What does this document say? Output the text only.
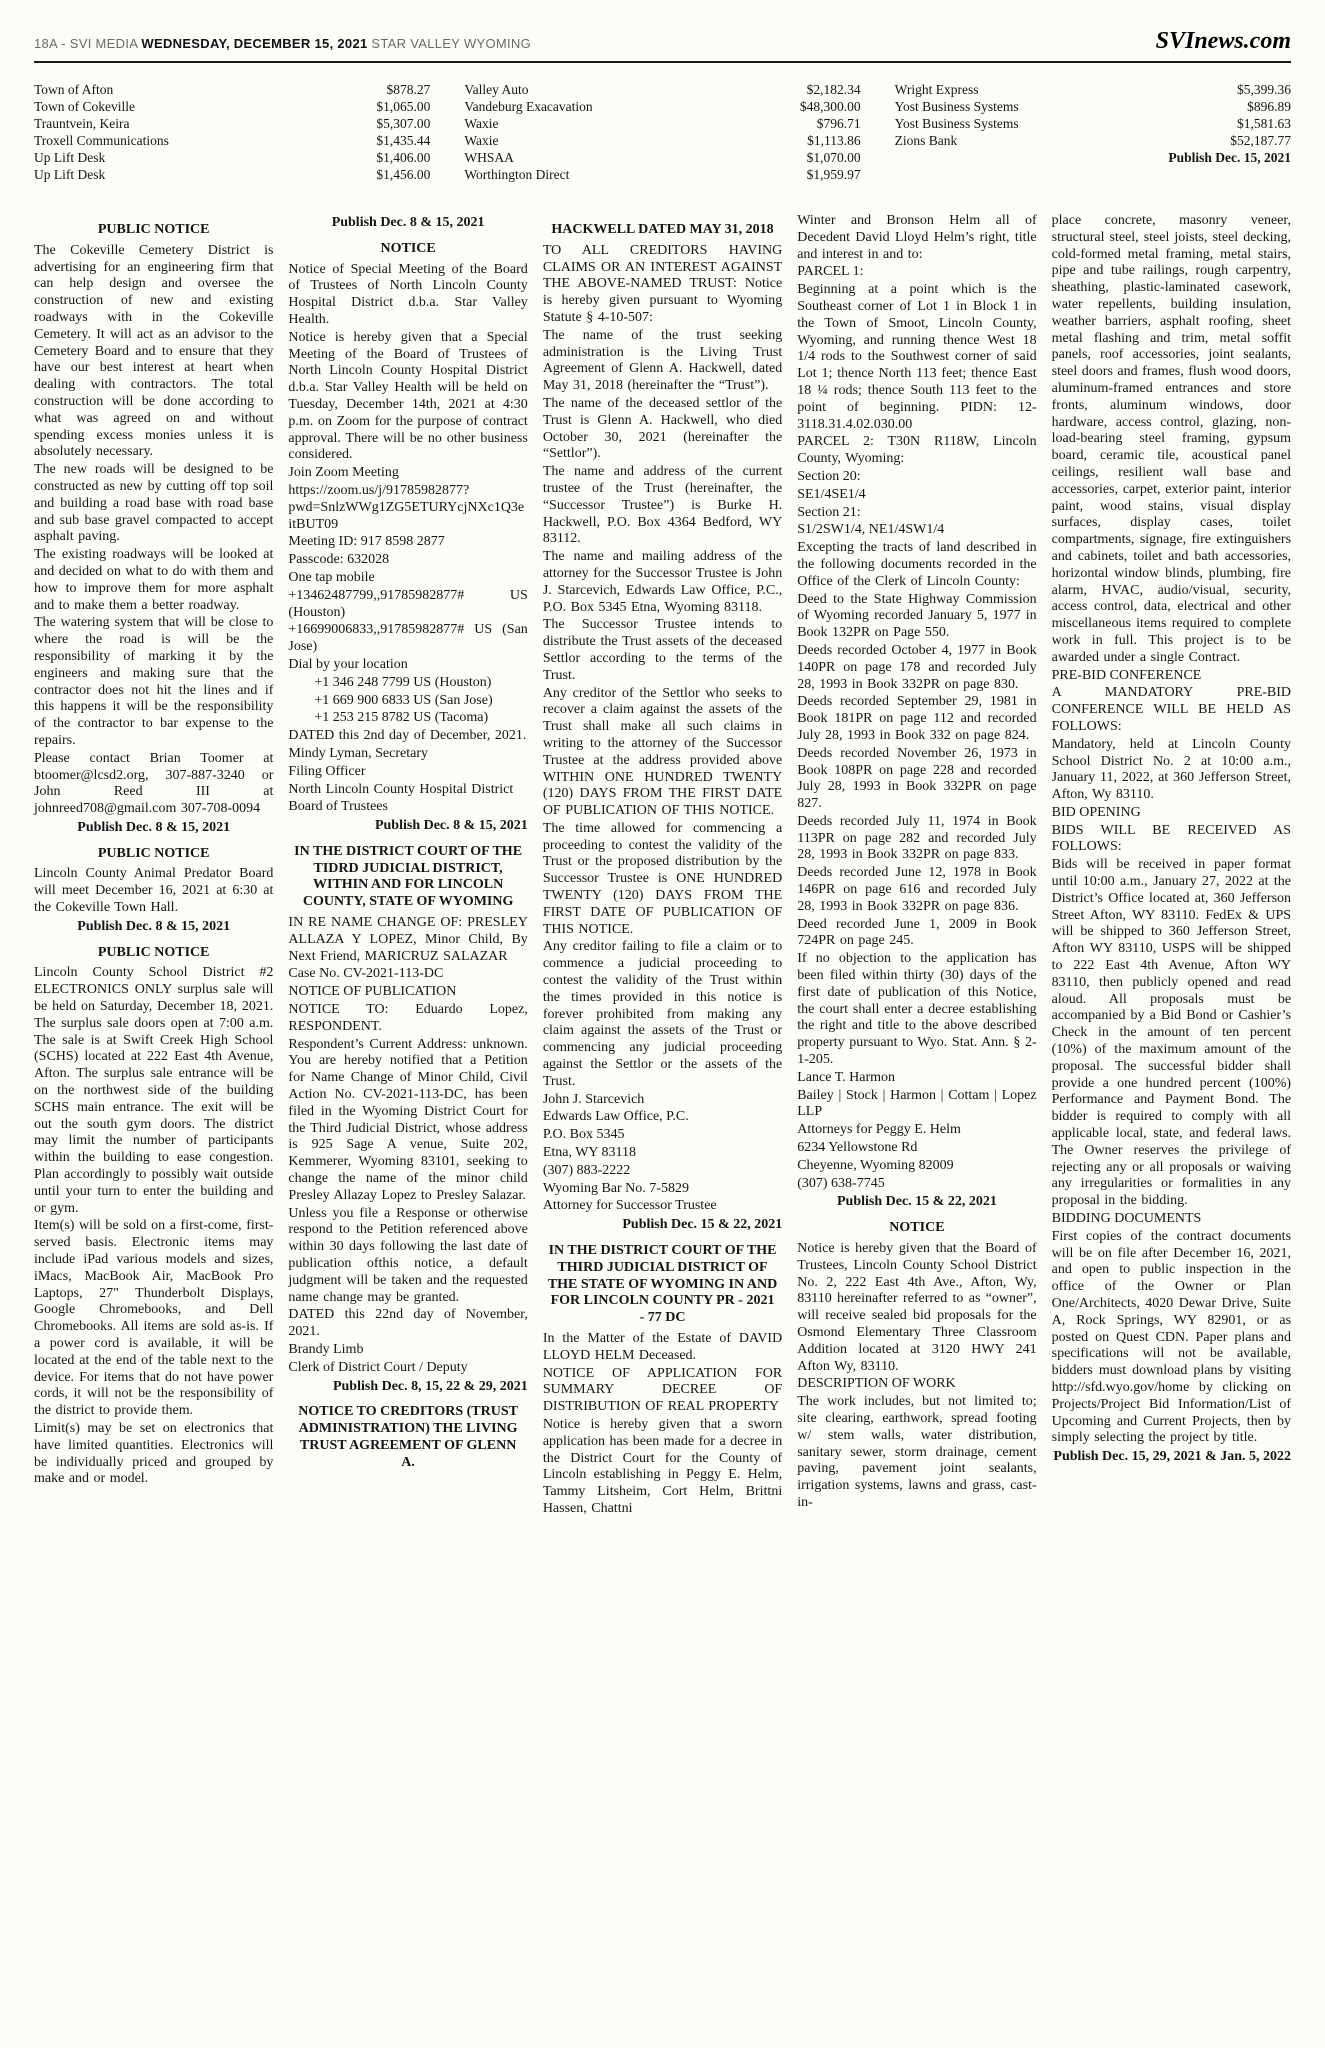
18A - SVI MEDIA WEDNESDAY, DECEMBER 15, 2021 STAR VALLEY WYOMING	SVInews.com
Town of Afton	$878.27
Town of Cokeville	$1,065.00
Trauntvein, Keira	$5,307.00
Troxell Communications	$1,435.44
Up Lift Desk	$1,406.00
Up Lift Desk	$1,456.00
Valley Auto	$2,182.34
Vandeburg Exacavation	$48,300.00
Waxie	$796.71
Waxie	$1,113.86
WHSAA	$1,070.00
Worthington Direct	$1,959.97
Wright Express	$5,399.36
Yost Business Systems	$896.89
Yost Business Systems	$1,581.63
Zions Bank	$52,187.77
Publish Dec. 15, 2021
PUBLIC NOTICE
The Cokeville Cemetery District is advertising for an engineering firm that can help design and oversee the construction of new and existing roadways with in the Cokeville Cemetery. It will act as an advisor to the Cemetery Board and to ensure that they have our best interest at heart when dealing with contractors. The total construction will be done according to what was agreed on and without spending excess monies unless it is absolutely necessary.
The new roads will be designed to be constructed as new by cutting off top soil and building a road base with road base and sub base gravel compacted to accept asphalt paving.
The existing roadways will be looked at and decided on what to do with them and how to improve them for more asphalt and to make them a better roadway.
The watering system that will be close to where the road is will be the responsibility of marking it by the engineers and making sure that the contractor does not hit the lines and if this happens it will be the responsibility of the contractor to bar expense to the repairs.
Please contact Brian Toomer at btoomer@lcsd2.org, 307-887-3240 or John Reed III at johnreed708@gmail.com 307-708-0094
Publish Dec. 8 & 15, 2021
PUBLIC NOTICE
Lincoln County Animal Predator Board will meet December 16, 2021 at 6:30 at the Cokeville Town Hall.
Publish Dec. 8 & 15, 2021
PUBLIC NOTICE
Lincoln County School District #2 ELECTRONICS ONLY surplus sale will be held on Saturday, December 18, 2021. The surplus sale doors open at 7:00 a.m. The sale is at Swift Creek High School (SCHS) located at 222 East 4th Avenue, Afton. The surplus sale entrance will be on the northwest side of the building SCHS main entrance. The exit will be out the south gym doors. The district may limit the number of participants within the building to ease congestion. Plan accordingly to possibly wait outside until your turn to enter the building and or gym.
Item(s) will be sold on a first-come, first-served basis. Electronic items may include iPad various models and sizes, iMacs, MacBook Air, MacBook Pro Laptops, 27" Thunderbolt Displays, Google Chromebooks, and Dell Chromebooks. All items are sold as-is. If a power cord is available, it will be located at the end of the table next to the device. For items that do not have power cords, it will not be the responsibility of the district to provide them.
Limit(s) may be set on electronics that have limited quantities. Electronics will be individually priced and grouped by make and or model.
Publish Dec. 8 & 15, 2021
NOTICE
Notice of Special Meeting of the Board of Trustees of North Lincoln County Hospital District d.b.a. Star Valley Health.
Notice is hereby given that a Special Meeting of the Board of Trustees of North Lincoln County Hospital District d.b.a. Star Valley Health will be held on Tuesday, December 14th, 2021 at 4:30 p.m. on Zoom for the purpose of contract approval. There will be no other business considered.
Join Zoom Meeting
https://zoom.us/j/91785982877?pwd=SnlzWWg1ZG5ETURYcjNXc1Q3eitBUT09
Meeting ID: 917 8598 2877
Passcode: 632028
One tap mobile
+13462487799,,91785982877# US (Houston)
+16699006833,,91785982877# US (San Jose)
Dial by your location
+1 346 248 7799 US (Houston)
+1 669 900 6833 US (San Jose)
+1 253 215 8782 US (Tacoma)
DATED this 2nd day of December, 2021.
Mindy Lyman, Secretary
Filing Officer
North Lincoln County Hospital District
Board of Trustees
Publish Dec. 8 & 15, 2021
IN THE DISTRICT COURT OF THE TIDRD JUDICIAL DISTRICT, WITHIN AND FOR LINCOLN COUNTY, STATE OF WYOMING
IN RE NAME CHANGE OF: PRESLEY ALLAZA Y LOPEZ, Minor Child, By Next Friend, MARICRUZ SALAZAR
Case No. CV-2021-113-DC
NOTICE OF PUBLICATION
NOTICE TO: Eduardo Lopez, RESPONDENT.
Respondent’s Current Address: unknown. You are hereby notified that a Petition for Name Change of Minor Child, Civil Action No. CV-2021-113-DC, has been filed in the Wyoming District Court for the Third Judicial District, whose address is 925 Sage A venue, Suite 202, Kemmerer, Wyoming 83101, seeking to change the name of the minor child Presley Allazay Lopez to Presley Salazar.
Unless you file a Response or otherwise respond to the Petition referenced above within 30 days following the last date of publication ofthis notice, a default judgment will be taken and the requested name change may be granted.
DATED this 22nd day of November, 2021.
Brandy Limb
Clerk of District Court / Deputy
Publish Dec. 8, 15, 22 & 29, 2021
NOTICE TO CREDITORS (TRUST ADMINISTRATION) THE LIVING TRUST AGREEMENT OF GLENN A.
HACKWELL DATED MAY 31, 2018
TO ALL CREDITORS HAVING CLAIMS OR AN INTEREST AGAINST THE ABOVE-NAMED TRUST: Notice is hereby given pursuant to Wyoming Statute § 4-10-507:
The name of the trust seeking administration is the Living Trust Agreement of Glenn A. Hackwell, dated May 31, 2018 (hereinafter the “Trust”).
The name of the deceased settlor of the Trust is Glenn A. Hackwell, who died October 30, 2021 (hereinafter the “Settlor”).
The name and address of the current trustee of the Trust (hereinafter, the “Successor Trustee”) is Burke H. Hackwell, P.O. Box 4364 Bedford, WY 83112.
The name and mailing address of the attorney for the Successor Trustee is John J. Starcevich, Edwards Law Office, P.C., P.O. Box 5345 Etna, Wyoming 83118.
The Successor Trustee intends to distribute the Trust assets of the deceased Settlor according to the terms of the Trust.
Any creditor of the Settlor who seeks to recover a claim against the assets of the Trust shall make all such claims in writing to the attorney of the Successor Trustee at the address provided above WITHIN ONE HUNDRED TWENTY (120) DAYS FROM THE FIRST DATE OF PUBLICATION OF THIS NOTICE.
The time allowed for commencing a proceeding to contest the validity of the Trust or the proposed distribution by the Successor Trustee is ONE HUNDRED TWENTY (120) DAYS FROM THE FIRST DATE OF PUBLICATION OF THIS NOTICE.
Any creditor failing to file a claim or to commence a judicial proceeding to contest the validity of the Trust within the times provided in this notice is forever prohibited from making any claim against the assets of the Trust or commencing any judicial proceeding against the Settlor or the assets of the Trust.
John J. Starcevich
Edwards Law Office, P.C.
P.O. Box 5345
Etna, WY 83118
(307) 883-2222
Wyoming Bar No. 7-5829
Attorney for Successor Trustee
Publish Dec. 15 & 22, 2021
IN THE DISTRICT COURT OF THE THIRD JUDICIAL DISTRICT OF THE STATE OF WYOMING IN AND FOR LINCOLN COUNTY PR - 2021 - 77 DC
In the Matter of the Estate of DAVID LLOYD HELM Deceased.
NOTICE OF APPLICATION FOR SUMMARY DECREE OF DISTRIBUTION OF REAL PROPERTY
Notice is hereby given that a sworn application has been made for a decree in the District Court for the County of Lincoln establishing in Peggy E. Helm, Tammy Litsheim, Cort Helm, Brittni Hassen, Chattni
Winter and Bronson Helm all of Decedent David Lloyd Helm’s right, title and interest in and to:
PARCEL 1:
Beginning at a point which is the Southeast corner of Lot 1 in Block 1 in the Town of Smoot, Lincoln County, Wyoming, and running thence West 18 1/4 rods to the Southwest corner of said Lot 1; thence North 113 feet; thence East 18 ¼ rods; thence South 113 feet to the point of beginning. PIDN: 12-3118.31.4.02.030.00
PARCEL 2: T30N R118W, Lincoln County, Wyoming:
Section 20:
SE1/4SE1/4
Section 21:
S1/2SW1/4, NE1/4SW1/4
Excepting the tracts of land described in the following documents recorded in the Office of the Clerk of Lincoln County:
Deed to the State Highway Commission of Wyoming recorded January 5, 1977 in Book 132PR on Page 550.
Deeds recorded October 4, 1977 in Book 140PR on page 178 and recorded July 28, 1993 in Book 332PR on page 830.
Deeds recorded September 29, 1981 in Book 181PR on page 112 and recorded July 28, 1993 in Book 332 on page 824.
Deeds recorded November 26, 1973 in Book 108PR on page 228 and recorded July 28, 1993 in Book 332PR on page 827.
Deeds recorded July 11, 1974 in Book 113PR on page 282 and recorded July 28, 1993 in Book 332PR on page 833.
Deeds recorded June 12, 1978 in Book 146PR on page 616 and recorded July 28, 1993 in Book 332PR on page 836.
Deed recorded June 1, 2009 in Book 724PR on page 245.
If no objection to the application has been filed within thirty (30) days of the first date of publication of this Notice, the court shall enter a decree establishing the right and title to the above described property pursuant to Wyo. Stat. Ann. § 2-1-205.
Lance T. Harmon
Bailey | Stock | Harmon | Cottam | Lopez LLP
Attorneys for Peggy E. Helm
6234 Yellowstone Rd
Cheyenne, Wyoming 82009
(307) 638-7745
Publish Dec. 15 & 22, 2021
NOTICE
Notice is hereby given that the Board of Trustees, Lincoln County School District No. 2, 222 East 4th Ave., Afton, Wy, 83110 hereinafter referred to as “owner”, will receive sealed bid proposals for the Osmond Elementary Three Classroom Addition located at 3120 HWY 241 Afton Wy, 83110.
DESCRIPTION OF WORK
The work includes, but not limited to; site clearing, earthwork, spread footing w/ stem walls, water distribution, sanitary sewer, storm drainage, cement paving, pavement joint sealants, irrigation systems, lawns and grass, cast-in-
place concrete, masonry veneer, structural steel, steel joists, steel decking, cold-formed metal framing, metal stairs, pipe and tube railings, rough carpentry, sheathing, plastic-laminated casework, water repellents, building insulation, weather barriers, asphalt roofing, sheet metal flashing and trim, metal soffit panels, roof accessories, joint sealants, steel doors and frames, flush wood doors, aluminum-framed entrances and store fronts, aluminum windows, door hardware, access control, glazing, non-load-bearing steel framing, gypsum board, ceramic tile, acoustical panel ceilings, resilient wall base and accessories, carpet, exterior paint, interior paint, wood stains, visual display surfaces, display cases, toilet compartments, signage, fire extinguishers and cabinets, toilet and bath accessories, horizontal window blinds, plumbing, fire alarm, HVAC, audio/visual, security, access control, data, electrical and other miscellaneous items required to complete work in full. This project is to be awarded under a single Contract.
PRE-BID CONFERENCE
A MANDATORY PRE-BID CONFERENCE WILL BE HELD AS FOLLOWS:
Mandatory, held at Lincoln County School District No. 2 at 10:00 a.m., January 11, 2022, at 360 Jefferson Street, Afton, Wy 83110.
BID OPENING
BIDS WILL BE RECEIVED AS FOLLOWS:
Bids will be received in paper format until 10:00 a.m., January 27, 2022 at the District’s Office located at, 360 Jefferson Street Afton, WY 83110. FedEx & UPS will be shipped to 360 Jefferson Street, Afton WY 83110, USPS will be shipped to 222 East 4th Avenue, Afton WY 83110, then publicly opened and read aloud. All proposals must be accompanied by a Bid Bond or Cashier’s Check in the amount of ten percent (10%) of the maximum amount of the proposal. The successful bidder shall provide a one hundred percent (100%) Performance and Payment Bond. The bidder is required to comply with all applicable local, state, and federal laws. The Owner reserves the privilege of rejecting any or all proposals or waiving any irregularities or formalities in any proposal in the bidding.
BIDDING DOCUMENTS
First copies of the contract documents will be on file after December 16, 2021, and open to public inspection in the office of the Owner or Plan One/Architects, 4020 Dewar Drive, Suite A, Rock Springs, WY 82901, or as posted on Quest CDN. Paper plans and specifications will not be available, bidders must download plans by visiting http://sfd.wyo.gov/home by clicking on Projects/Project Bid Information/List of Upcoming and Current Projects, then by simply selecting the project by title.
Publish Dec. 15, 29, 2021 & Jan. 5, 2022
